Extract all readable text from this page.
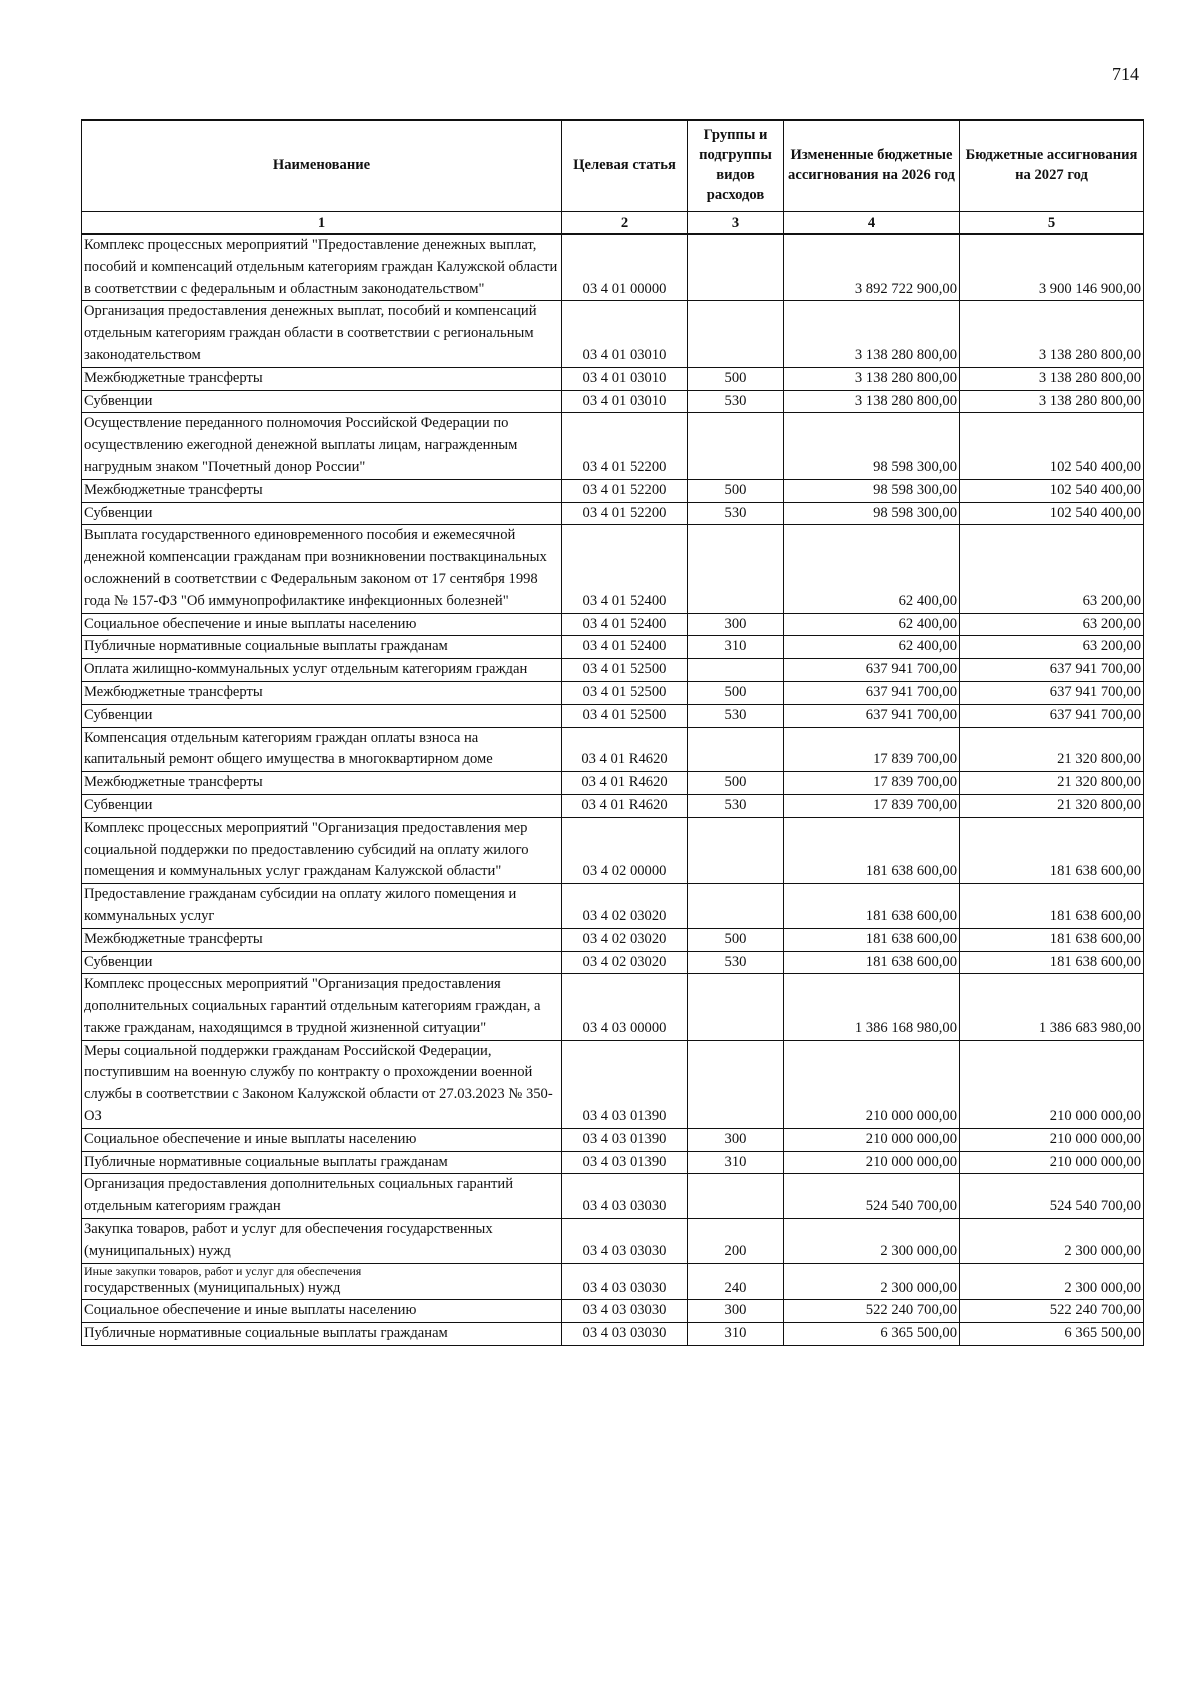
714
Наименование	Целевая статья	Группы и подгруппы видов расходов	Измененные бюджетные ассигнования на 2026 год	Бюджетные ассигнования на 2027 год
1	2	3	4	5
Комплекс процессных мероприятий "Предоставление денежных выплат, пособий и компенсаций отдельным категориям граждан Калужской области в соответствии с федеральным и областным законодательством"	03 4 01 00000		3 892 722 900,00	3 900 146 900,00
Организация предоставления денежных выплат, пособий и компенсаций отдельным категориям граждан области в соответствии с региональным законодательством	03 4 01 03010		3 138 280 800,00	3 138 280 800,00
Межбюджетные трансферты	03 4 01 03010	500	3 138 280 800,00	3 138 280 800,00
Субвенции	03 4 01 03010	530	3 138 280 800,00	3 138 280 800,00
Осуществление переданного полномочия Российской Федерации по осуществлению ежегодной денежной выплаты лицам, награжденным нагрудным знаком "Почетный донор России"	03 4 01 52200		98 598 300,00	102 540 400,00
Межбюджетные трансферты	03 4 01 52200	500	98 598 300,00	102 540 400,00
Субвенции	03 4 01 52200	530	98 598 300,00	102 540 400,00
Выплата государственного единовременного пособия и ежемесячной денежной компенсации гражданам при возникновении поствакцинальных осложнений в соответствии с Федеральным законом от 17 сентября 1998 года № 157-ФЗ "Об иммунопрофилактике инфекционных болезней"	03 4 01 52400		62 400,00	63 200,00
Социальное обеспечение и иные выплаты населению	03 4 01 52400	300	62 400,00	63 200,00
Публичные нормативные социальные выплаты гражданам	03 4 01 52400	310	62 400,00	63 200,00
Оплата жилищно-коммунальных услуг отдельным категориям граждан	03 4 01 52500		637 941 700,00	637 941 700,00
Межбюджетные трансферты	03 4 01 52500	500	637 941 700,00	637 941 700,00
Субвенции	03 4 01 52500	530	637 941 700,00	637 941 700,00
Компенсация отдельным категориям граждан оплаты взноса на капитальный ремонт общего имущества в многоквартирном доме	03 4 01 R4620		17 839 700,00	21 320 800,00
Межбюджетные трансферты	03 4 01 R4620	500	17 839 700,00	21 320 800,00
Субвенции	03 4 01 R4620	530	17 839 700,00	21 320 800,00
Комплекс процессных мероприятий "Организация предоставления мер социальной поддержки по предоставлению субсидий на оплату жилого помещения и коммунальных услуг гражданам Калужской области"	03 4 02 00000		181 638 600,00	181 638 600,00
Предоставление гражданам субсидии на оплату жилого помещения и коммунальных услуг	03 4 02 03020		181 638 600,00	181 638 600,00
Межбюджетные трансферты	03 4 02 03020	500	181 638 600,00	181 638 600,00
Субвенции	03 4 02 03020	530	181 638 600,00	181 638 600,00
Комплекс процессных мероприятий "Организация предоставления дополнительных социальных гарантий отдельным категориям граждан, а также гражданам, находящимся в трудной жизненной ситуации"	03 4 03 00000		1 386 168 980,00	1 386 683 980,00
Меры социальной поддержки гражданам Российской Федерации, поступившим на военную службу по контракту о прохождении военной службы в соответствии с Законом Калужской области от 27.03.2023 № 350-ОЗ	03 4 03 01390		210 000 000,00	210 000 000,00
Социальное обеспечение и иные выплаты населению	03 4 03 01390	300	210 000 000,00	210 000 000,00
Публичные нормативные социальные выплаты гражданам	03 4 03 01390	310	210 000 000,00	210 000 000,00
Организация предоставления дополнительных социальных гарантий отдельным категориям граждан	03 4 03 03030		524 540 700,00	524 540 700,00
Закупка товаров, работ и услуг для обеспечения государственных (муниципальных) нужд	03 4 03 03030	200	2 300 000,00	2 300 000,00

Иные закупки товаров, работ и услуг для обеспечения
государственных (муниципальных) нужд	03 4 03 03030	240	2 300 000,00	2 300 000,00
Социальное обеспечение и иные выплаты населению	03 4 03 03030	300	522 240 700,00	522 240 700,00
Публичные нормативные социальные выплаты гражданам	03 4 03 03030	310	6 365 500,00	6 365 500,00
